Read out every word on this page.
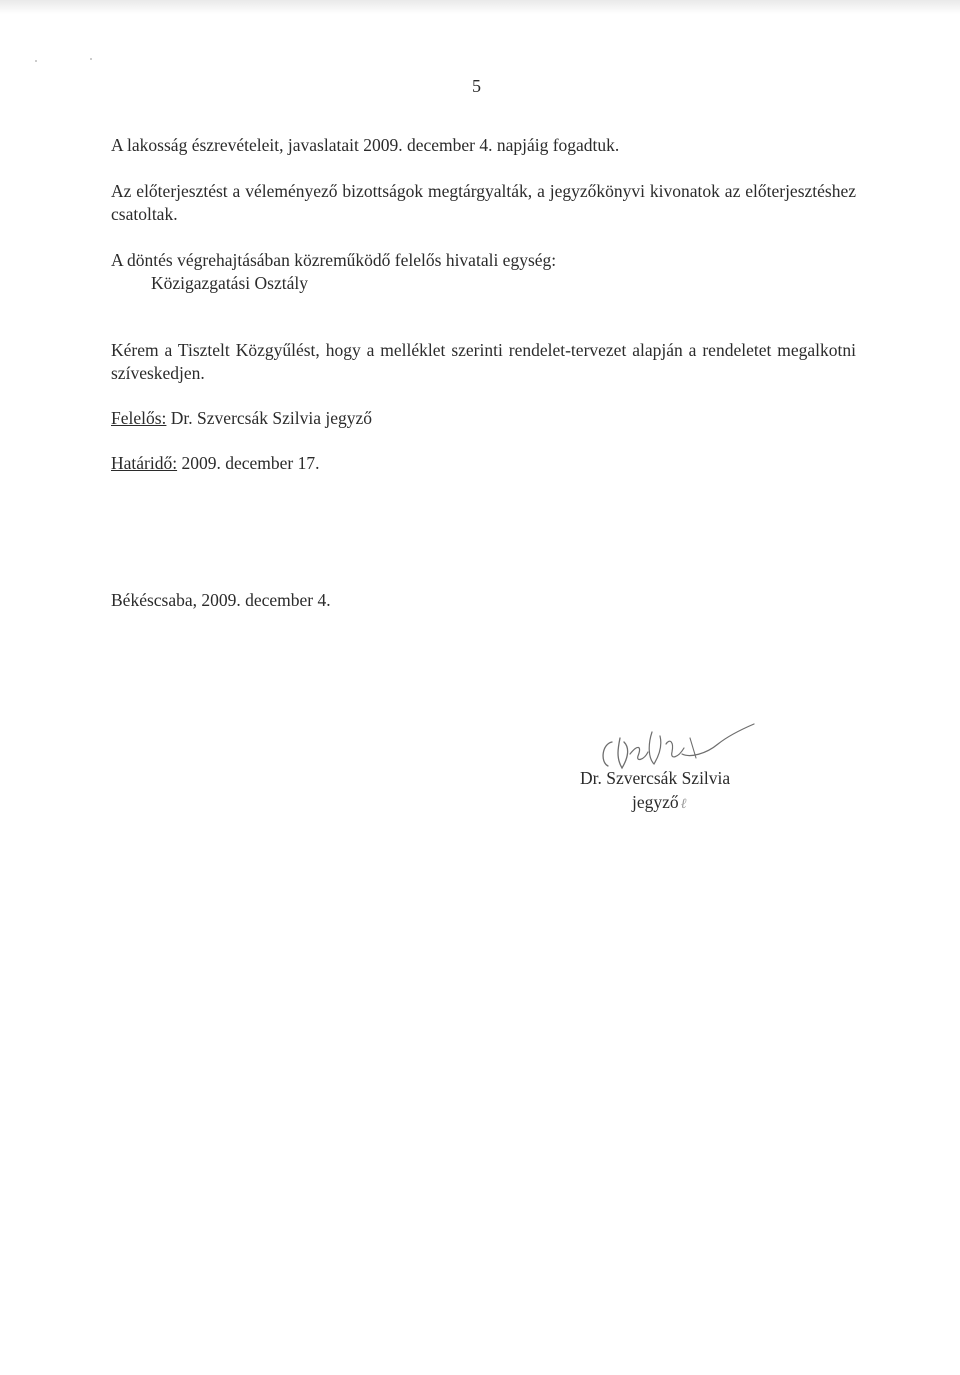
5

A lakosság észrevételeit, javaslatait 2009. december 4. napjáig fogadtuk.

Az előterjesztést a véleményező bizottságok megtárgyalták, a jegyzőkönyvi kivonatok az előterjesztéshez csatoltak.

A döntés végrehajtásában közreműködő felelős hivatali egység:
Közigazgatási Osztály

Kérem a Tisztelt Közgyűlést, hogy a melléklet szerinti rendelet-tervezet alapján a rendeletet megalkotni szíveskedjen.

Felelős: Dr. Szvercsák Szilvia jegyző

Határidő: 2009. december 17.

Békéscsaba, 2009. december 4.

Dr. Szvercsák Szilvia
jegyző ℓ
